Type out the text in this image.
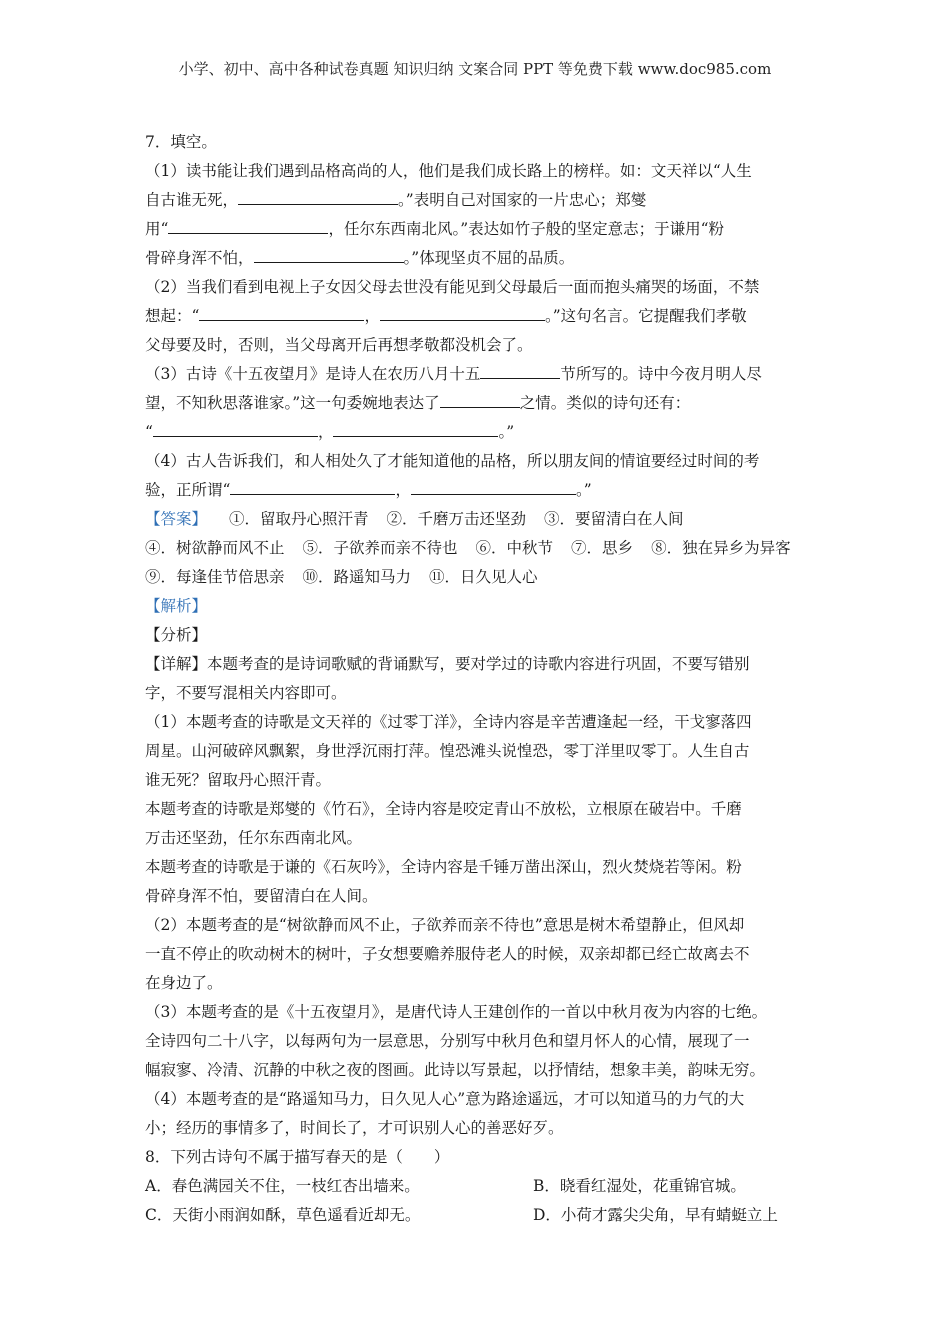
小学、初中、高中各种试卷真题 知识归纳 文案合同 PPT 等免费下载 www.doc985.com
7．填空。
（1）读书能让我们遇到品格高尚的人，他们是我们成长路上的榜样。如：文天祥以“人生
自古谁无死，	。”表明自己对国家的一片忠心；郑燮
用“	，任尔东西南北风。”表达如竹子般的坚定意志；于谦用“粉
骨碎身浑不怕，	。”体现坚贞不屈的品质。
（2）当我们看到电视上子女因父母去世没有能见到父母最后一面而抱头痛哭的场面，不禁
想起：“	，	。”这句名言。它提醒我们孝敬
父母要及时，否则，当父母离开后再想孝敬都没机会了。
（3）古诗《十五夜望月》是诗人在农历八月十五	节所写的。诗中今夜月明人尽
望，不知秋思落谁家。”这一句委婉地表达了	之情。类似的诗句还有：
“	，	。”
（4）古人告诉我们，和人相处久了才能知道他的品格，所以朋友间的情谊要经过时间的考
验，正所谓“	，	。”
【答案】 ①．留取丹心照汗青 ②．千磨万击还坚劲 ③．要留清白在人间
④．树欲静而风不止 ⑤．子欲养而亲不待也 ⑥．中秋节 ⑦．思乡 ⑧．独在异乡为异客
⑨．每逢佳节倍思亲 ⑩．路遥知马力 ⑪．日久见人心
【解析】
【分析】
【详解】本题考查的是诗词歌赋的背诵默写，要对学过的诗歌内容进行巩固，不要写错别
字，不要写混相关内容即可。
（1）本题考查的诗歌是文天祥的《过零丁洋》，全诗内容是辛苦遭逢起一经，干戈寥落四
周星。山河破碎风飘絮，身世浮沉雨打萍。惶恐滩头说惶恐，零丁洋里叹零丁。人生自古
谁无死？留取丹心照汗青。
本题考查的诗歌是郑燮的《竹石》，全诗内容是咬定青山不放松，立根原在破岩中。千磨
万击还坚劲，任尔东西南北风。
本题考查的诗歌是于谦的《石灰吟》，全诗内容是千锤万凿出深山，烈火焚烧若等闲。粉
骨碎身浑不怕，要留清白在人间。
（2）本题考查的是“树欲静而风不止，子欲养而亲不待也”意思是树木希望静止，但风却
一直不停止的吹动树木的树叶，子女想要赡养服侍老人的时候，双亲却都已经亡故离去不
在身边了。
（3）本题考查的是《十五夜望月》，是唐代诗人王建创作的一首以中秋月夜为内容的七绝。
全诗四句二十八字，以每两句为一层意思，分别写中秋月色和望月怀人的心情，展现了一
幅寂寥、冷清、沉静的中秋之夜的图画。此诗以写景起，以抒情结，想象丰美，韵味无穷。
（4）本题考查的是“路遥知马力，日久见人心”意为路途遥远，才可以知道马的力气的大
小；经历的事情多了，时间长了，才可识别人心的善恶好歹。
8．下列古诗句不属于描写春天的是（　　）
A．春色满园关不住，一枝红杏出墙来。	B．晓看红湿处，花重锦官城。
C．天街小雨润如酥，草色遥看近却无。	D．小荷才露尖尖角，早有蜻蜓立上
